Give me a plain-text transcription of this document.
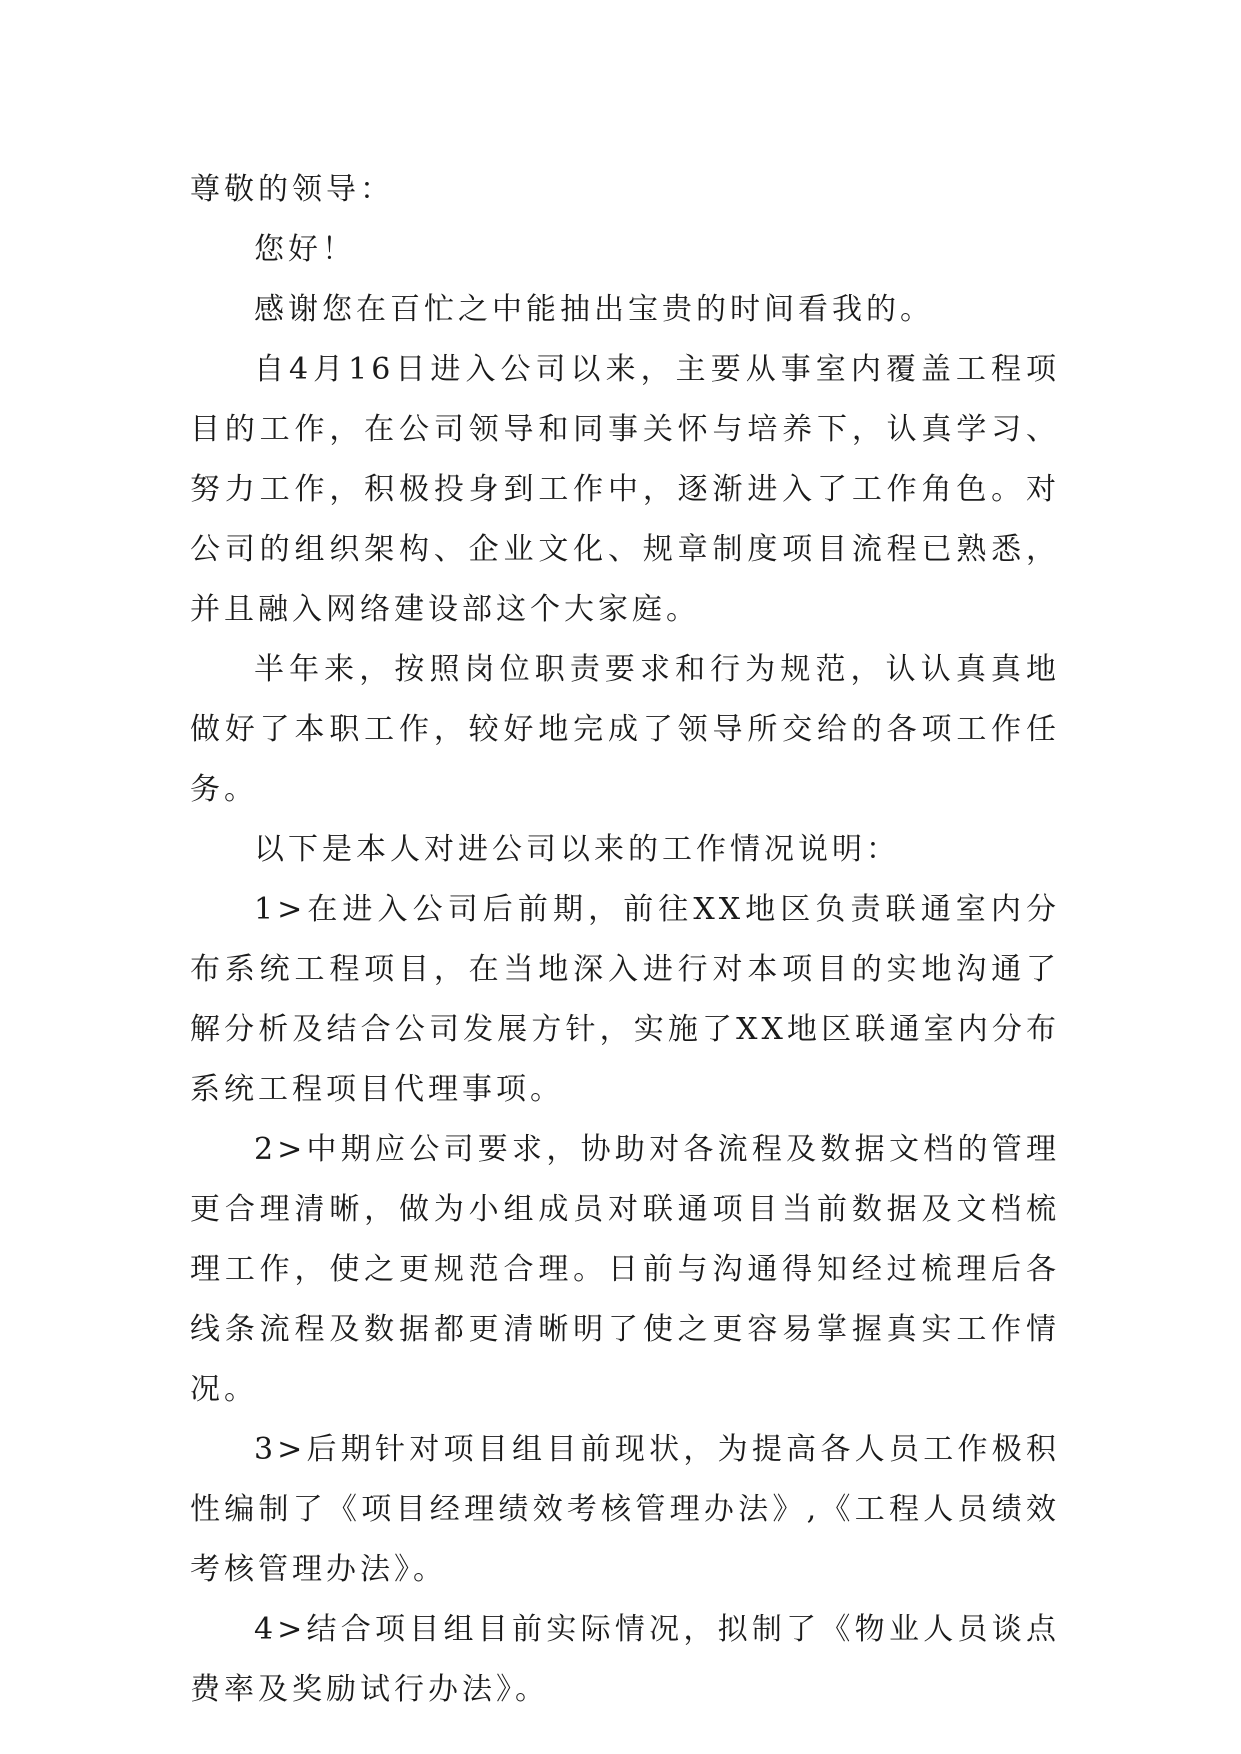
尊敬的领导：

您好！

感谢您在百忙之中能抽出宝贵的时间看我的。

自4月16日进入公司以来，主要从事室内覆盖工程项目的工作，在公司领导和同事关怀与培养下，认真学习、努力工作，积极投身到工作中，逐渐进入了工作角色。对公司的组织架构、企业文化、规章制度项目流程已熟悉，并且融入网络建设部这个大家庭。

半年来，按照岗位职责要求和行为规范，认认真真地做好了本职工作，较好地完成了领导所交给的各项工作任务。

以下是本人对进公司以来的工作情况说明：

1>在进入公司后前期，前往XX地区负责联通室内分布系统工程项目，在当地深入进行对本项目的实地沟通了解分析及结合公司发展方针，实施了XX地区联通室内分布系统工程项目代理事项。

2>中期应公司要求，协助对各流程及数据文档的管理更合理清晰，做为小组成员对联通项目当前数据及文档梳理工作，使之更规范合理。日前与沟通得知经过梳理后各线条流程及数据都更清晰明了使之更容易掌握真实工作情况。

3>后期针对项目组目前现状，为提高各人员工作极积性编制了《项目经理绩效考核管理办法》,《工程人员绩效考核管理办法》。

4>结合项目组目前实际情况，拟制了《物业人员谈点费率及奖励试行办法》。
